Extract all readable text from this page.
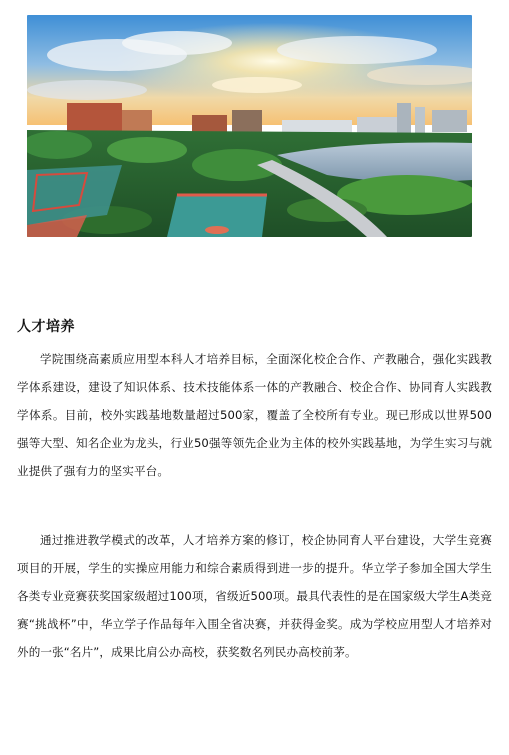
人才培养

学院围绕高素质应用型本科人才培养目标，全面深化校企合作、产教融合，强化实践教学体系建设，建设了知识体系、技术技能体系一体的产教融合、校企合作、协同育人实践教学体系。目前，校外实践基地数量超过500家，覆盖了全校所有专业。现已形成以世界500强等大型、知名企业为龙头，行业50强等领先企业为主体的校外实践基地，为学生实习与就业提供了强有力的坚实平台。

通过推进教学模式的改革，人才培养方案的修订，校企协同育人平台建设，大学生竞赛项目的开展，学生的实操应用能力和综合素质得到进一步的提升。华立学子参加全国大学生各类专业竞赛获奖国家级超过100项，省级近500项。最具代表性的是在国家级大学生A类竞赛“挑战杯”中，华立学子作品每年入围全省决赛，并获得金奖。成为学校应用型人才培养对外的一张“名片”，成果比肩公办高校，获奖数名列民办高校前茅。
